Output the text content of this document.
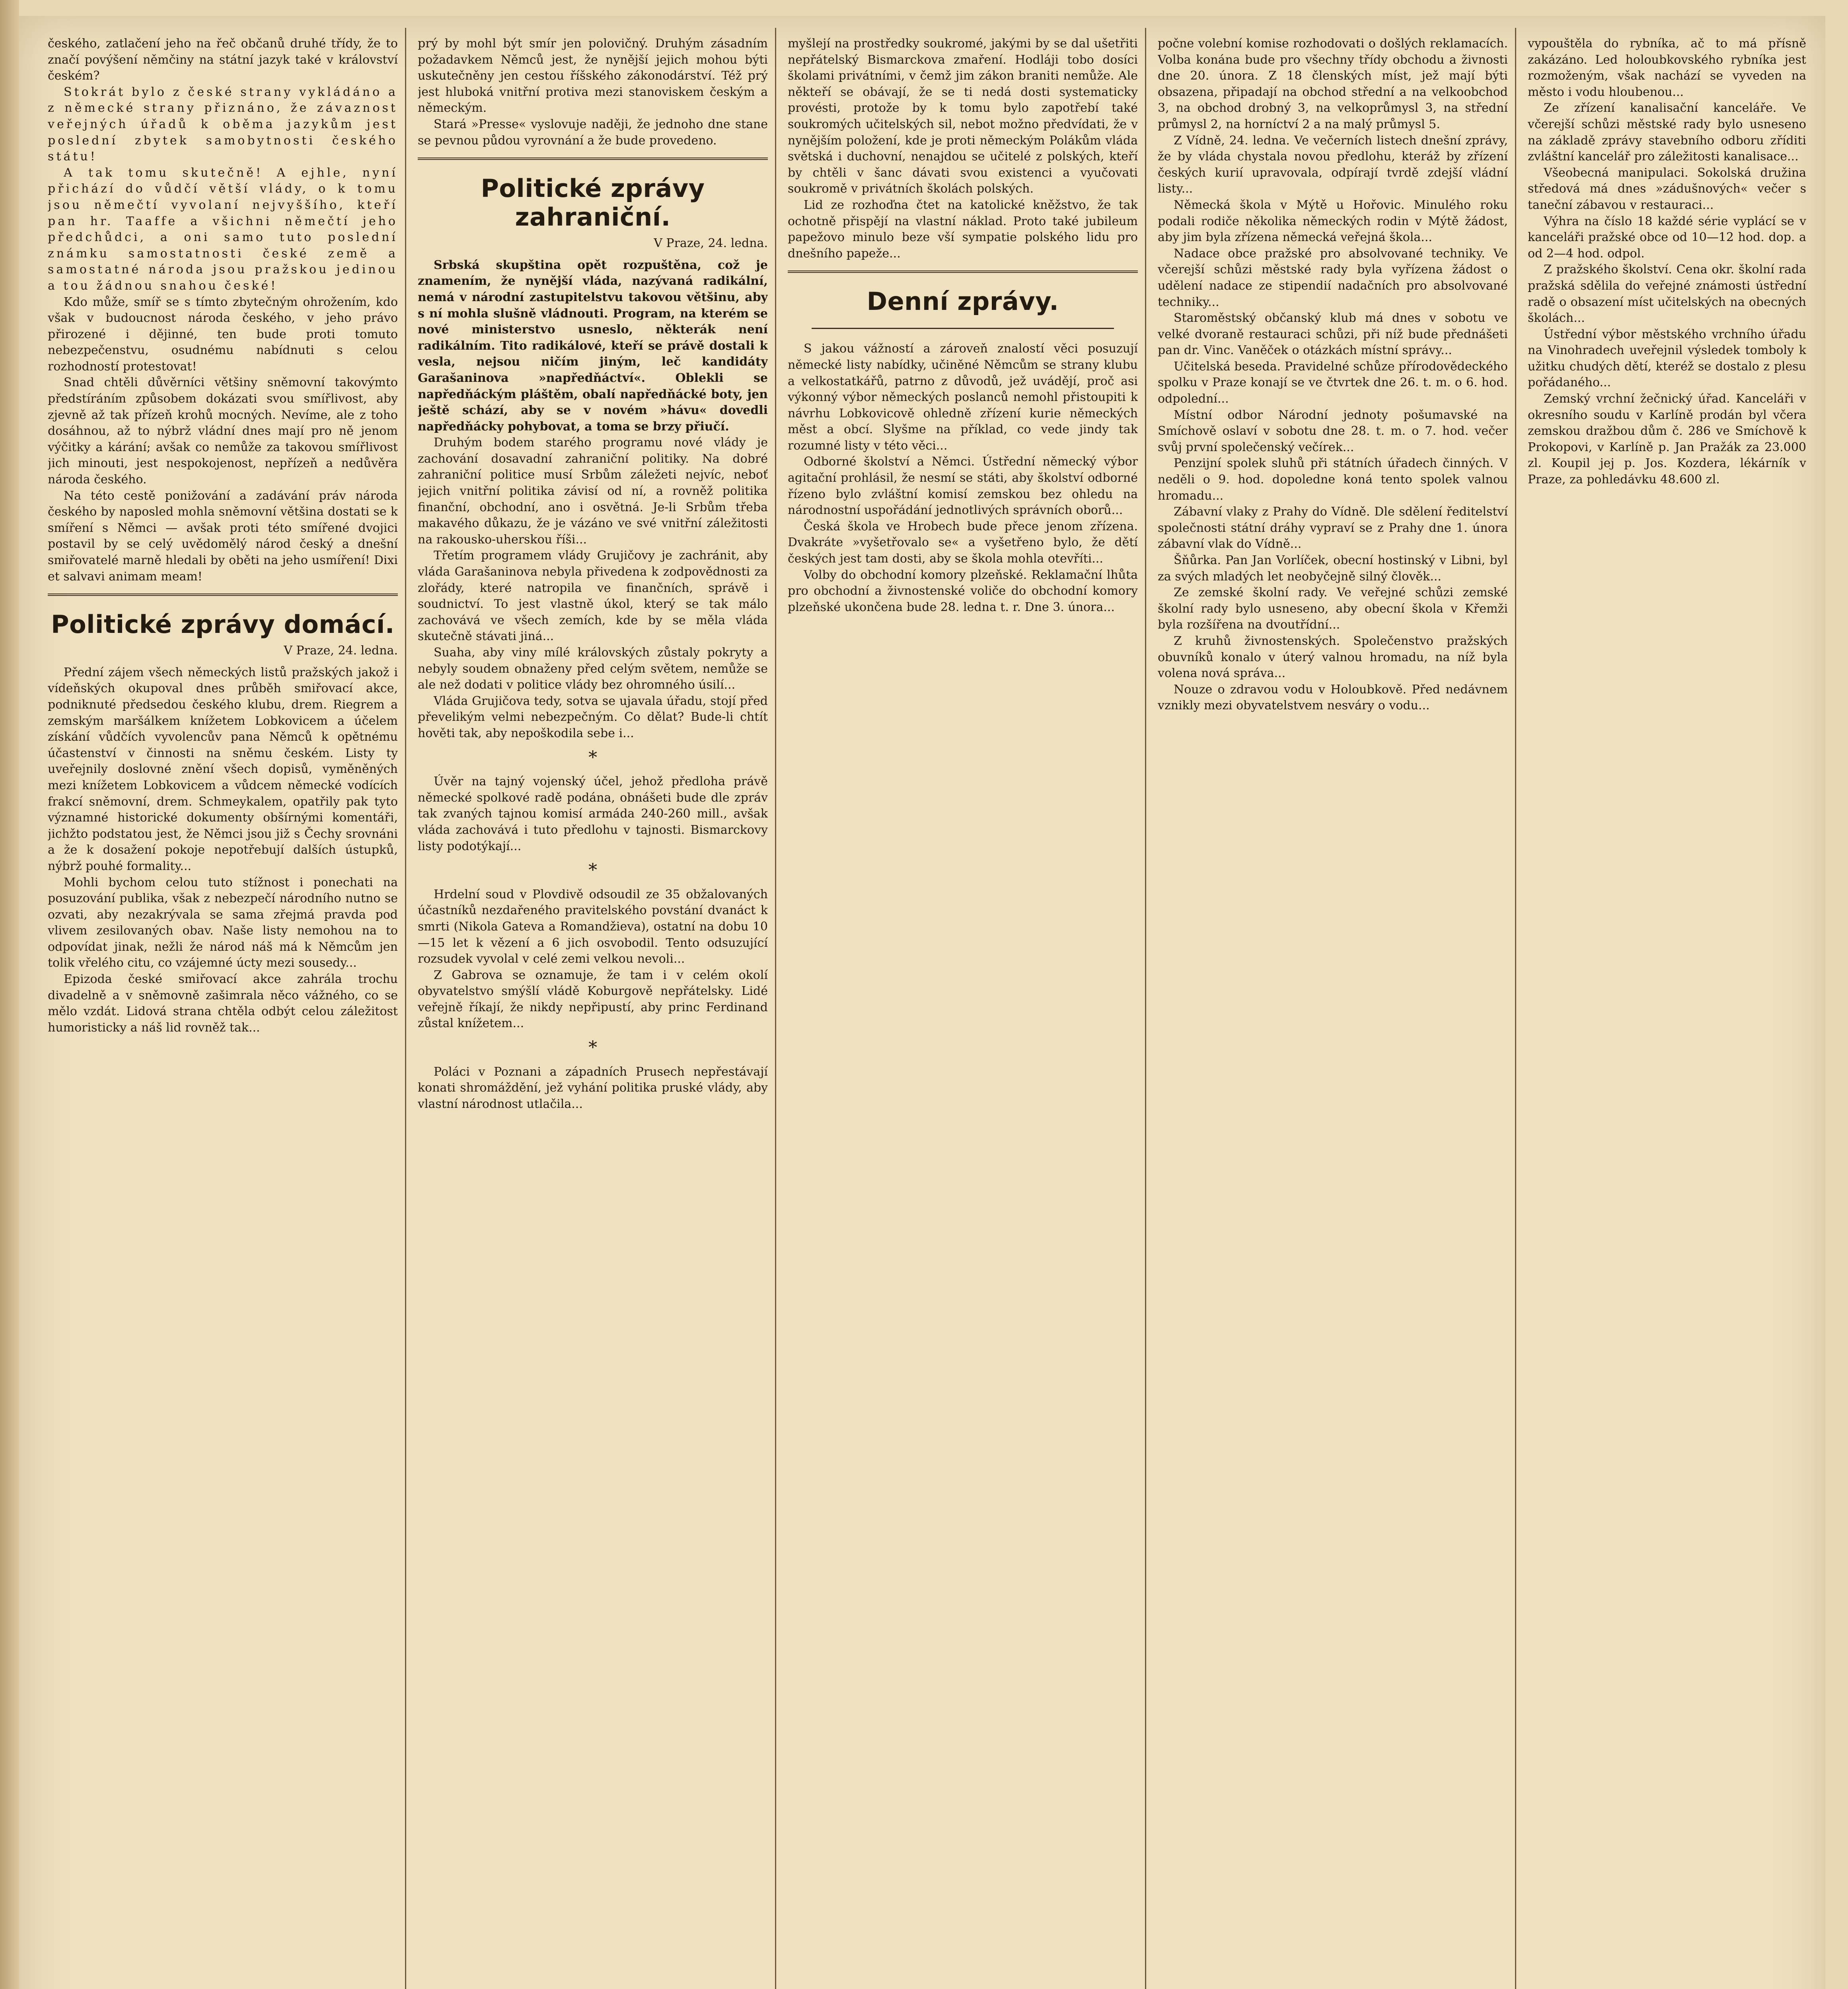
českého, zatlačení jeho na řeč občanů druhé třídy, že to značí povýšení němčiny na státní jazyk také v království českém?

Stokrát bylo z české strany vykládáno a z německé strany přiznáno, že závaznost veřejných úřadů k oběma jazykům jest poslední zbytek samobytnosti českého státu!

A tak tomu skutečně! A ejhle, nyní přichází do vůdčí větší vlády, o k tomu jsou němečtí vyvolaní nejvyššího, kteří pan hr. Taaffe a všichni němečtí jeho předchůdci, a oni samo tuto poslední známku samostatnosti české země a samostatné národa jsou pražskou jedinou a tou žádnou snahou české!

Kdo může, smíř se s tímto zbytečným ohrožením, kdo však v budoucnost národa českého, v jeho právo přirozené i dějinné, ten bude proti tomuto nebezpečenstvu, osudnému nabídnuti s celou rozhodností protestovat!

Snad chtěli důvěrníci většiny sněmovní takovýmto předstíráním způsobem dokázati svou smířlivost, aby zjevně až tak přízeň krohů mocných. Nevíme, ale z toho dosáhnou, až to nýbrž vládní dnes mají pro ně jenom výčitky a kárání; avšak co nemůže za takovou smířlivost jich minouti, jest nespokojenost, nepřízeň a nedůvěra národa českého.

Na této cestě ponižování a zadávání práv národa českého by naposled mohla sněmovní většina dostati se k smíření s Němci — avšak proti této smířené dvojici postavil by se celý uvědomělý národ český a dnešní smiřovatelé marně hledali by oběti na jeho usmíření! Dixi et salvavi animam meam!

Politické zprávy domácí.
V Praze, 24. ledna.

Přední zájem všech německých listů pražských jakož i vídeňských okupoval dnes průběh smiřovací akce, podniknuté předsedou českého klubu, drem. Riegrem a zemským maršálkem knížetem Lobkovicem a účelem získání vůdčích vyvolencův pana Němců k opětnému účastenství v činnosti na sněmu českém. Listy ty uveřejnily doslovné znění všech dopisů, vyměněných mezi knížetem Lobkovicem a vůdcem německé vodících frakcí sněmovní, drem. Schmeykalem, opatřily pak tyto významné historické dokumenty obšírnými komentáři, jichžto podstatou jest, že Němci jsou již s Čechy srovnáni a že k dosažení pokoje nepotřebují dalších ústupků, nýbrž pouhé formality...

Mohli bychom celou tuto stížnost i ponechati na posuzování publika, však z nebezpečí národního nutno se ozvati, aby nezakrývala se sama zřejmá pravda pod vlivem zesilovaných obav. Naše listy nemohou na to odpovídat jinak, nežli že národ náš má k Němcům jen tolik vřelého citu, co vzájemné úcty mezi sousedy...

Epizoda české smiřovací akce zahrála trochu divadelně a v sněmovně zašimrala něco vážného, co se mělo vzdát. Lidová strana chtěla odbýt celou záležitost humoristicky a náš lid rovněž tak...

prý by mohl být smír jen polovičný. Druhým zásadním požadavkem Němců jest, že nynější jejich mohou býti uskutečněny jen cestou říšského zákonodárství. Též prý jest hluboká vnitřní protiva mezi stanoviskem českým a německým.

Stará »Presse« vyslovuje naději, že jednoho dne stane se pevnou půdou vyrovnání a že bude provedeno.

Politické zprávy zahraniční.
V Praze, 24. ledna.

Srbská skupština opět rozpuštěna, což je znamením, že nynější vláda, nazývaná radikální, nemá v národní zastupitelstvu takovou většinu, aby s ní mohla slušně vládnouti. Program, na kterém se nové ministerstvo usneslo, některák není radikálním. Tito radikálové, kteří se právě dostali k vesla, nejsou ničím jiným, leč kandidáty Garašaninova »napředňáctví«. Oblekli se napředňáckým pláštěm, obalí napředňácké boty, jen ještě schází, aby se v novém »hávu« dovedli napředňácky pohybovat, a toma se brzy přiučí.

Druhým bodem starého programu nové vlády je zachování dosavadní zahraniční politiky. Na dobré zahraniční politice musí Srbům záležeti nejvíc, neboť jejich vnitřní politika závisí od ní, a rovněž politika finanční, obchodní, ano i osvětná. Je-li Srbům třeba makavého důkazu, že je vázáno ve své vnitřní záležitosti na rakousko-uherskou říši...

Třetím programem vlády Grujičovy je zachránit, aby vláda Garašaninova nebyla přivedena k zodpovědnosti za zlořády, které natropila ve finančních, správě i soudnictví. To jest vlastně úkol, který se tak málo zachovává ve všech zemích, kde by se měla vláda skutečně stávati jiná...

Suaha, aby viny mílé královských zůstaly pokryty a nebyly soudem obnaženy před celým světem, nemůže se ale než dodati v politice vlády bez ohromného úsilí...

Vláda Grujičova tedy, sotva se ujavala úřadu, stojí před převelikým velmi nebezpečným. Co dělat? Bude-li chtít hověti tak, aby nepoškodila sebe i...

*

Úvěr na tajný vojenský účel, jehož předloha právě německé spolkové radě podána, obnášeti bude dle zpráv tak zvaných tajnou komisí armáda 240-260 mill., avšak vláda zachovává i tuto předlohu v tajnosti. Bismarckovy listy podotýkají...

*

Hrdelní soud v Plovdivě odsoudil ze 35 obžalovaných účastníků nezdařeného pravitelského povstání dvanáct k smrti (Nikola Gateva a Romandžieva), ostatní na dobu 10—15 let k vězení a 6 jich osvobodil. Tento odsuzující rozsudek vyvolal v celé zemi velkou nevoli...

Z Gabrova se oznamuje, že tam i v celém okolí obyvatelstvo smýšlí vládě Koburgově nepřátelsky. Lidé veřejně říkají, že nikdy nepřipustí, aby princ Ferdinand zůstal knížetem...

*

Poláci v Poznani a západních Prusech nepřestávají konati shromáždění, jež vyhání politika pruské vlády, aby vlastní národnost utlačila...

myšlejí na prostředky soukromé, jakými by se dal ušetřiti nepřátelský Bismarckova zmaření. Hodláji tobo dosíci školami privátními, v čemž jim zákon braniti nemůže. Ale někteří se obávají, že se ti nedá dosti systematicky provésti, protože by k tomu bylo zapotřebí také soukromých učitelských sil, nebot možno předvídati, že v nynějším položení, kde je proti německým Polákům vláda světská i duchovní, nenajdou se učitelé z polských, kteří by chtěli v šanc dávati svou existenci a vyučovati soukromě v privátních školách polských.

Lid ze rozhoďna čtet na katolické kněžstvo, že tak ochotně přispějí na vlastní náklad. Proto také jubileum papežovo minulo beze vší sympatie polského lidu pro dnešního papeže...

Denní zprávy.

S jakou vážností a zároveň znalostí věci posuzují německé listy nabídky, učiněné Němcům se strany klubu a velkostatkářů, patrno z důvodů, jež uvádějí, proč asi výkonný výbor německých poslanců nemohl přistoupiti k návrhu Lobkovicově ohledně zřízení kurie německých měst a obcí. Slyšme na příklad, co vede jindy tak rozumné listy v této věci...

Odborné školství a Němci. Ústřední německý výbor agitační prohlásil, že nesmí se státi, aby školství odborné řízeno bylo zvláštní komisí zemskou bez ohledu na národnostní uspořádání jednotlivých správních oborů...

Česká škola ve Hrobech bude přece jenom zřízena. Dvakráte »vyšetřovalo se« a vyšetřeno bylo, že dětí českých jest tam dosti, aby se škola mohla otevříti...

Volby do obchodní komory plzeňské. Reklamační lhůta pro obchodní a živnostenské voliče do obchodní komory plzeňské ukončena bude 28. ledna t. r. Dne 3. února...

počne volební komise rozhodovati o došlých reklamacích. Volba konána bude pro všechny třídy obchodu a živnosti dne 20. února. Z 18 členských míst, jež mají býti obsazena, připadají na obchod střední a na velkoobchod 3, na obchod drobný 3, na velkoprůmysl 3, na střední průmysl 2, na horníctví 2 a na malý průmysl 5.

Z Vídně, 24. ledna. Ve večerních listech dnešní zprávy, že by vláda chystala novou předlohu, kteráž by zřízení českých kurií upravovala, odpírají tvrdě zdejší vládní listy...

Německá škola v Mýtě u Hořovic. Minulého roku podali rodiče několika německých rodin v Mýtě žádost, aby jim byla zřízena německá veřejná škola...

Nadace obce pražské pro absolvované techniky. Ve včerejší schůzi městské rady byla vyřízena žádost o udělení nadace ze stipendií nadačních pro absolvované techniky...

Staroměstský občanský klub má dnes v sobotu ve velké dvoraně restauraci schůzi, při níž bude přednášeti pan dr. Vinc. Vaněček o otázkách místní správy...

Učitelská beseda. Pravidelné schůze přírodovědeckého spolku v Praze konají se ve čtvrtek dne 26. t. m. o 6. hod. odpolední...

Místní odbor Národní jednoty pošumavské na Smíchově oslaví v sobotu dne 28. t. m. o 7. hod. večer svůj první společenský večírek...

Penzijní spolek sluhů při státních úřadech činných. V neděli o 9. hod. dopoledne koná tento spolek valnou hromadu...

Zábavní vlaky z Prahy do Vídně. Dle sdělení ředitelství společnosti státní dráhy vypraví se z Prahy dne 1. února zábavní vlak do Vídně...

Šňůrka. Pan Jan Vorlíček, obecní hostinský v Libni, byl za svých mladých let neobyčejně silný člověk...

Ze zemské školní rady. Ve veřejné schůzi zemské školní rady bylo usneseno, aby obecní škola v Křemži byla rozšířena na dvoutřídní...

Z kruhů živnostenských. Společenstvo pražských obuvníků konalo v úterý valnou hromadu, na níž byla volena nová správa...

Nouze o zdravou vodu v Holoubkově. Před nedávnem vznikly mezi obyvatelstvem nesváry o vodu...

vypouštěla do rybníka, ač to má přísně zakázáno. Led holoubkovského rybníka jest rozmoženým, však nachází se vyveden na město i vodu hloubenou...

Ze zřízení kanalisační kanceláře. Ve včerejší schůzi městské rady bylo usneseno na základě zprávy stavebního odboru zříditi zvláštní kancelář pro záležitosti kanalisace...

Všeobecná manipulaci. Sokolská družina středová má dnes »zádušnových« večer s taneční zábavou v restauraci...

Výhra na číslo 18 každé série vyplácí se v kanceláři pražské obce od 10—12 hod. dop. a od 2—4 hod. odpol.

Z pražského školství. Cena okr. školní rada pražská sdělila do veřejné známosti ústřední radě o obsazení míst učitelských na obecných školách...

Ústřední výbor městského vrchního úřadu na Vinohradech uveřejnil výsledek tomboly k užitku chudých dětí, kteréž se dostalo z plesu pořádaného...

Zemský vrchní žečnický úřad. Kanceláři v okresního soudu v Karlíně prodán byl včera zemskou dražbou dům č. 286 ve Smíchově k Prokopovi, v Karlíně p. Jan Pražák za 23.000 zl. Koupil jej p. Jos. Kozdera, lékárník v Praze, za pohledávku 48.600 zl.
